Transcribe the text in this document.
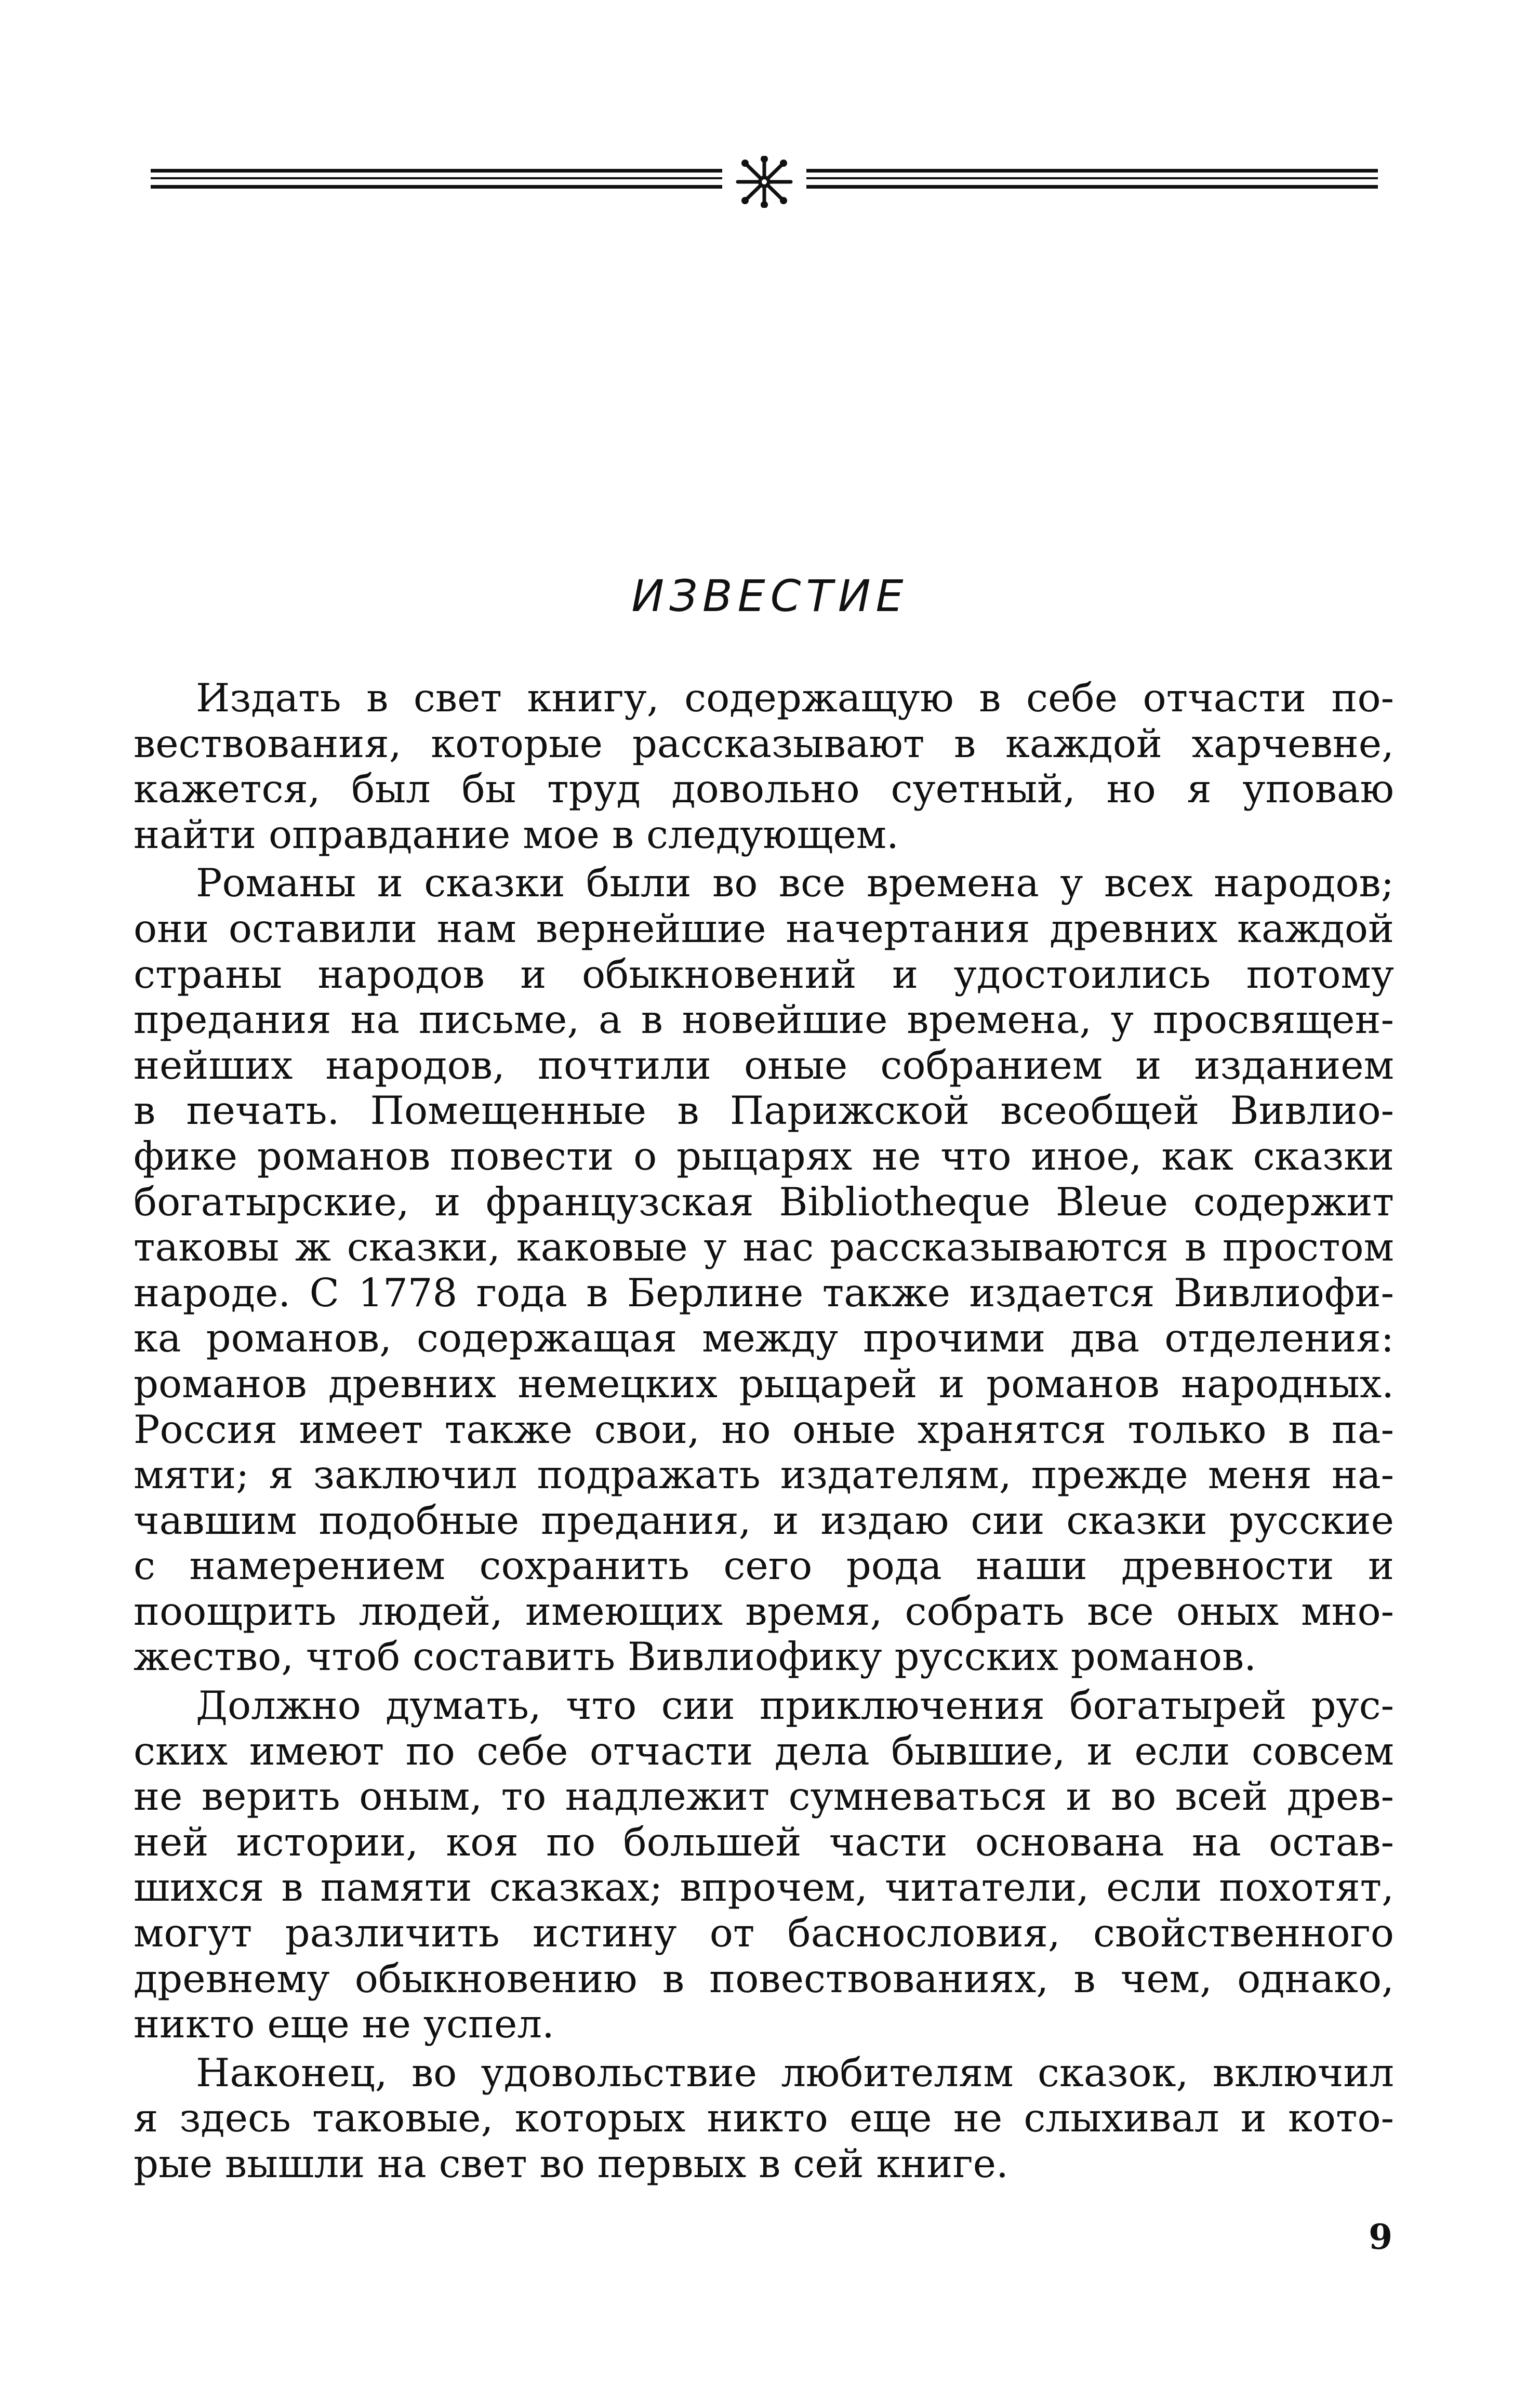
ИЗВЕСТИЕ
Издать в свет книгу, содержащую в себе отчасти по-
вествования, которые рассказывают в каждой харчевне,
кажется, был бы труд довольно суетный, но я уповаю
найти оправдание мое в следующем.
Романы и сказки были во все времена у всех народов;
они оставили нам вернейшие начертания древних каждой
страны народов и обыкновений и удостоились потому
предания на письме, а в новейшие времена, у просвящен-
нейших народов, почтили оные собранием и изданием
в печать. Помещенные в Парижской всеобщей Вивлио-
фике романов повести о рыцарях не что иное, как сказки
богатырские, и французская Bibliotheque Bleue содержит
таковы ж сказки, каковые у нас рассказываются в простом
народе. С 1778 года в Берлине также издается Вивлиофи-
ка романов, содержащая между прочими два отделения:
романов древних немецких рыцарей и романов народных.
Россия имеет также свои, но оные хранятся только в па-
мяти; я заключил подражать издателям, прежде меня на-
чавшим подобные предания, и издаю сии сказки русские
с намерением сохранить сего рода наши древности и
поощрить людей, имеющих время, собрать все оных мно-
жество, чтоб составить Вивлиофику русских романов.
Должно думать, что сии приключения богатырей рус-
ских имеют по себе отчасти дела бывшие, и если совсем
не верить оным, то надлежит сумневаться и во всей древ-
ней истории, коя по большей части основана на остав-
шихся в памяти сказках; впрочем, читатели, если похотят,
могут различить истину от баснословия, свойственного
древнему обыкновению в повествованиях, в чем, однако,
никто еще не успел.
Наконец, во удовольствие любителям сказок, включил
я здесь таковые, которых никто еще не слыхивал и кото-
рые вышли на свет во первых в сей книге.
9
